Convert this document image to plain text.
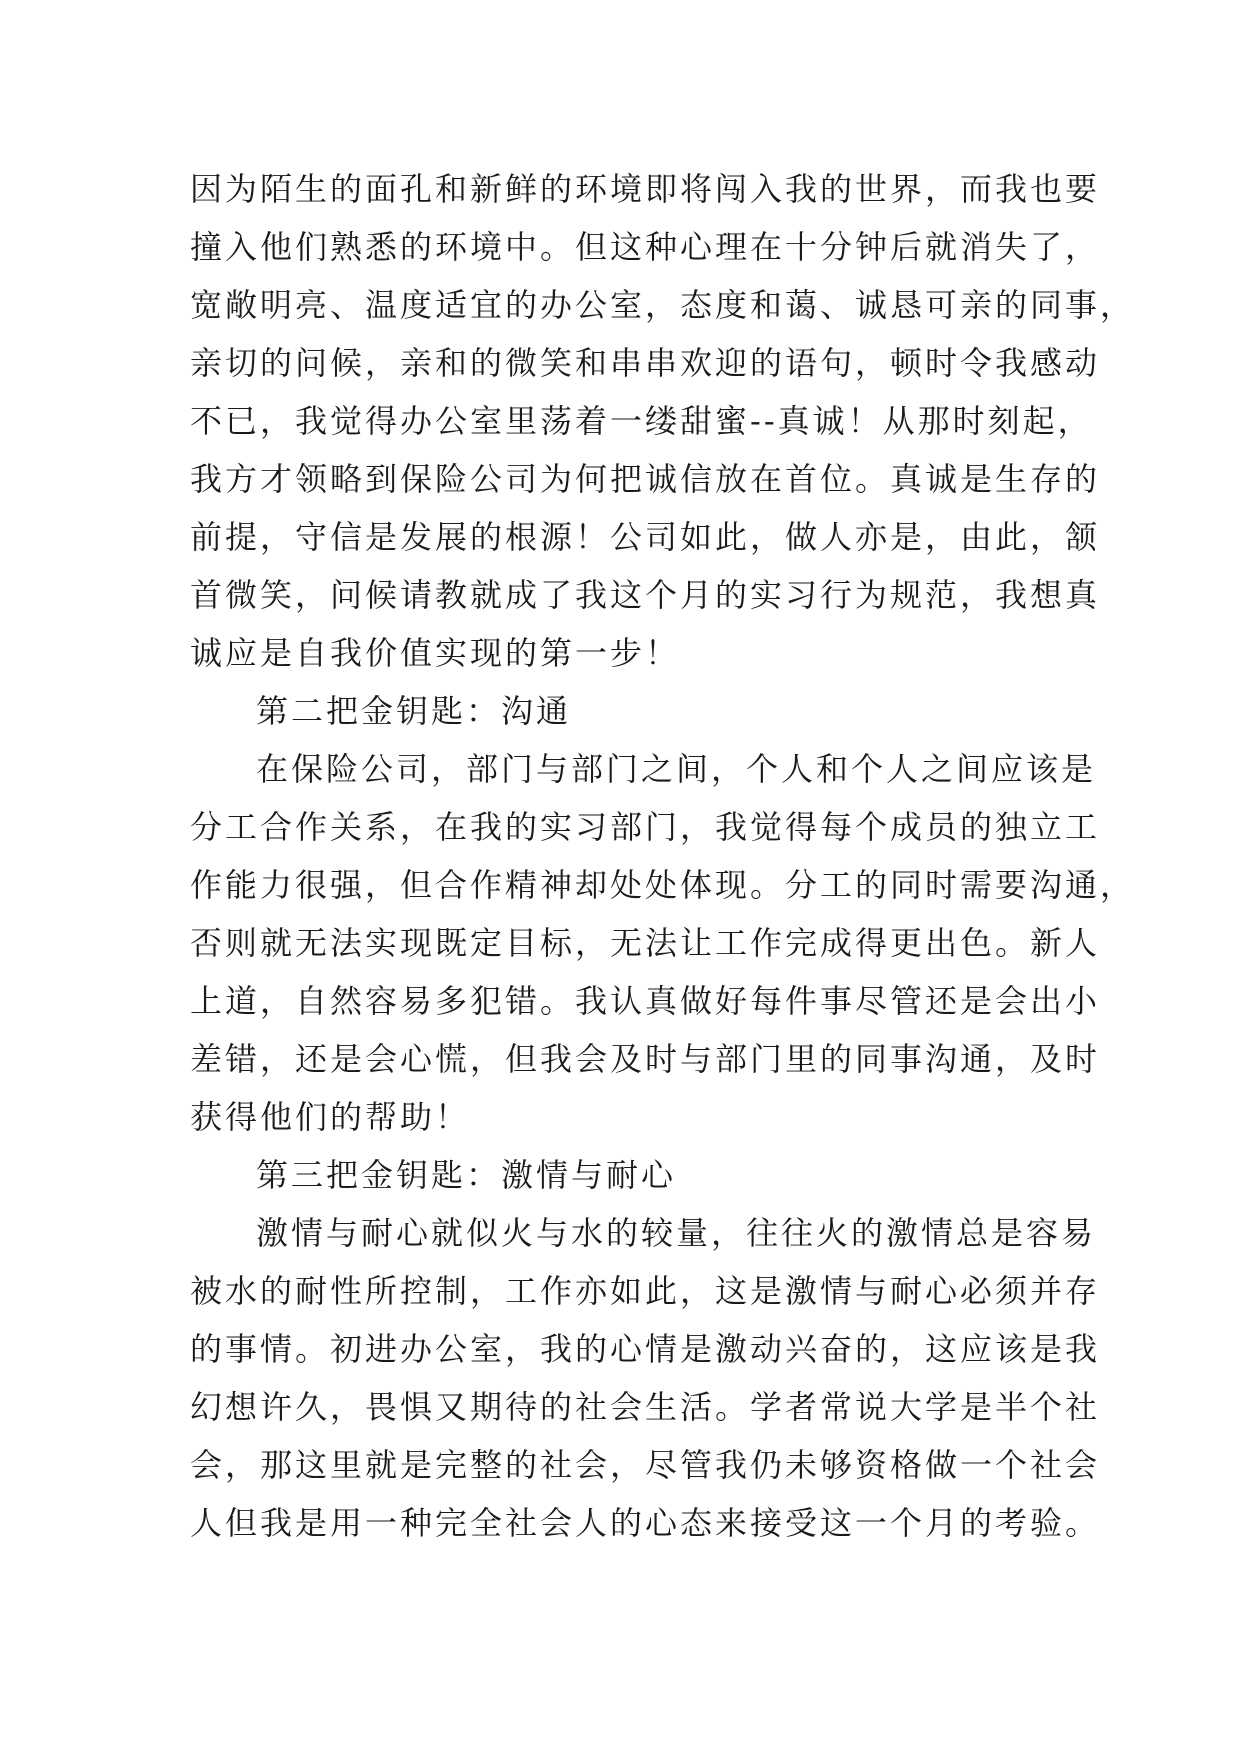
因为陌生的面孔和新鲜的环境即将闯入我的世界，而我也要
撞入他们熟悉的环境中。但这种心理在十分钟后就消失了，
宽敞明亮、温度适宜的办公室，态度和蔼、诚恳可亲的同事，
亲切的问候，亲和的微笑和串串欢迎的语句，顿时令我感动
不已，我觉得办公室里荡着一缕甜蜜--真诚！从那时刻起，
我方才领略到保险公司为何把诚信放在首位。真诚是生存的
前提，守信是发展的根源！公司如此，做人亦是，由此，颔
首微笑，问候请教就成了我这个月的实习行为规范，我想真
诚应是自我价值实现的第一步！
第二把金钥匙：沟通
在保险公司，部门与部门之间，个人和个人之间应该是
分工合作关系，在我的实习部门，我觉得每个成员的独立工
作能力很强，但合作精神却处处体现。分工的同时需要沟通，
否则就无法实现既定目标，无法让工作完成得更出色。新人
上道，自然容易多犯错。我认真做好每件事尽管还是会出小
差错，还是会心慌，但我会及时与部门里的同事沟通，及时
获得他们的帮助！
第三把金钥匙：激情与耐心
激情与耐心就似火与水的较量，往往火的激情总是容易
被水的耐性所控制，工作亦如此，这是激情与耐心必须并存
的事情。初进办公室，我的心情是激动兴奋的，这应该是我
幻想许久，畏惧又期待的社会生活。学者常说大学是半个社
会，那这里就是完整的社会，尽管我仍未够资格做一个社会
人但我是用一种完全社会人的心态来接受这一个月的考验。
